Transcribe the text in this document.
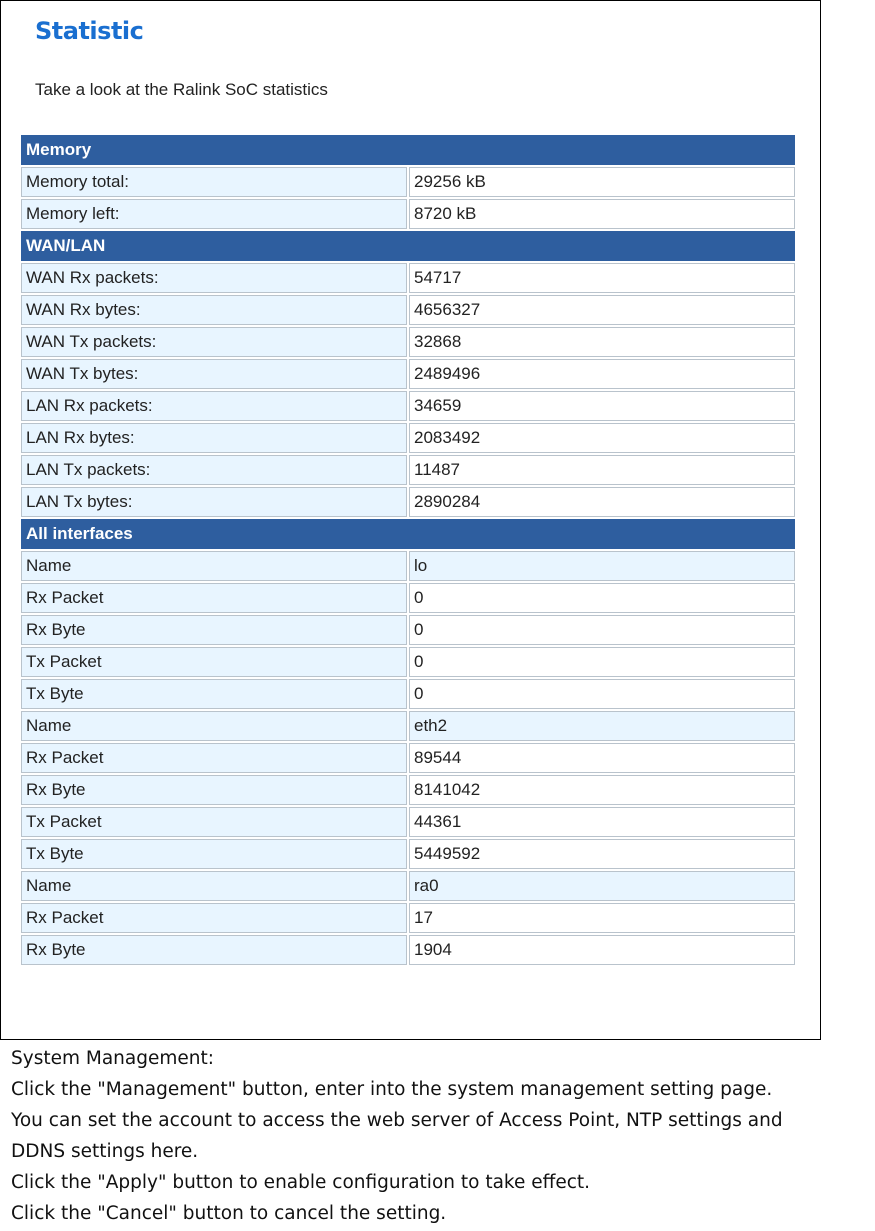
Statistic

Take a look at the Ralink SoC statistics

Memory	
Memory total:	29256 kB
Memory left:	8720 kB
WAN/LAN	
WAN Rx packets:	54717
WAN Rx bytes:	4656327
WAN Tx packets:	32868
WAN Tx bytes:	2489496
LAN Rx packets:	34659
LAN Rx bytes:	2083492
LAN Tx packets:	11487
LAN Tx bytes:	2890284
All interfaces	
Name	lo
Rx Packet	0
Rx Byte	0
Tx Packet	0
Tx Byte	0
Name	eth2
Rx Packet	89544
Rx Byte	8141042
Tx Packet	44361
Tx Byte	5449592
Name	ra0
Rx Packet	17
Rx Byte	1904

System Management:

Click the "Management" button, enter into the system management setting page.

You can set the account to access the web server of Access Point, NTP settings and

DDNS settings here.

Click the "Apply" button to enable configuration to take effect.

Click the "Cancel" button to cancel the setting.
